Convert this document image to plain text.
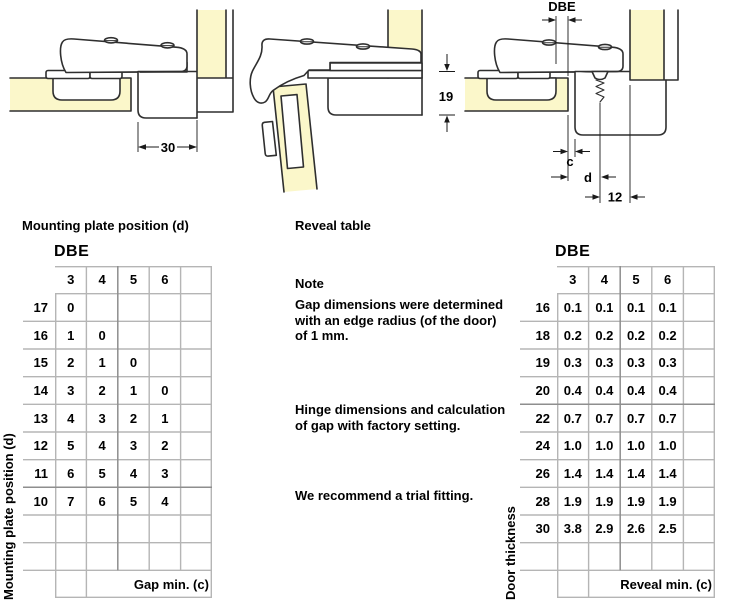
30
19
DBE
c
d
12
Mounting plate position (d)
DBE
3	4	5	6
17	0
16	1	0
15	2	1	0
14	3	2	1	0
13	4	3	2	1
12	5	4	3	2
11	6	5	4	3
10	7	6	5	4
Gap min. (c)
Mounting plate position (d)
Reveal table
Note
Gap dimensions were determined
with an edge radius (of the door)
of 1 mm.
Hinge dimensions and calculation
of gap with factory setting.
We recommend a trial fitting.
DBE
3	4	5	6
16	0.1	0.1	0.1	0.1
18	0.2	0.2	0.2	0.2
19	0.3	0.3	0.3	0.3
20	0.4	0.4	0.4	0.4
22	0.7	0.7	0.7	0.7
24	1.0	1.0	1.0	1.0
26	1.4	1.4	1.4	1.4
28	1.9	1.9	1.9	1.9
30	3.8	2.9	2.6	2.5
Reveal min. (c)
Door thickness
